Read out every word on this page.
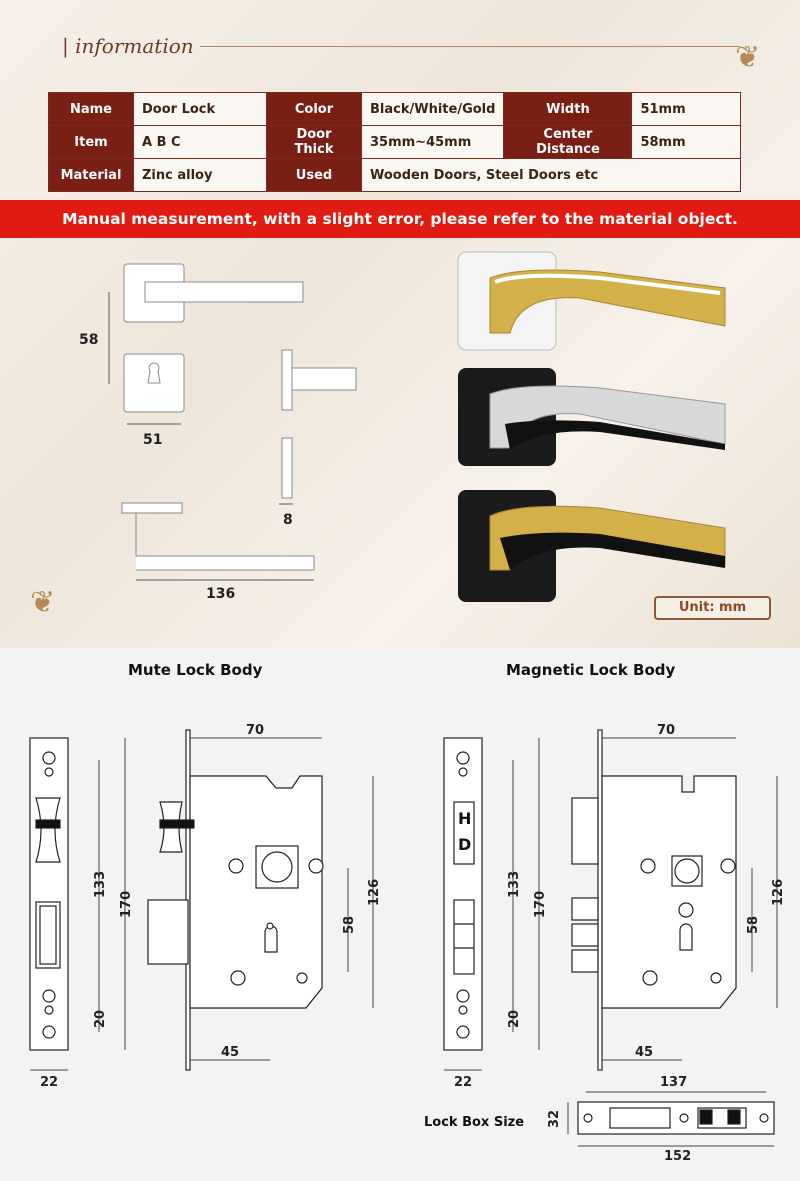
| information	❦
❦
Name	Door Lock	Color	Black/White/Gold	Width	51mm
Item	A B C	Door Thick	35mm~45mm	Center Distance	58mm
Material	Zinc alloy	Used	Wooden Doors, Steel Doors etc		
Manual measurement, with a slight error, please refer to the material object.
58
51
8
136
Unit: mm
Mute Lock Body	Magnetic Lock Body
70
133
170
20
126
58
45
22
H
D
70
133
170
20
126
58
45
22
Lock Box Size
137
32
152
